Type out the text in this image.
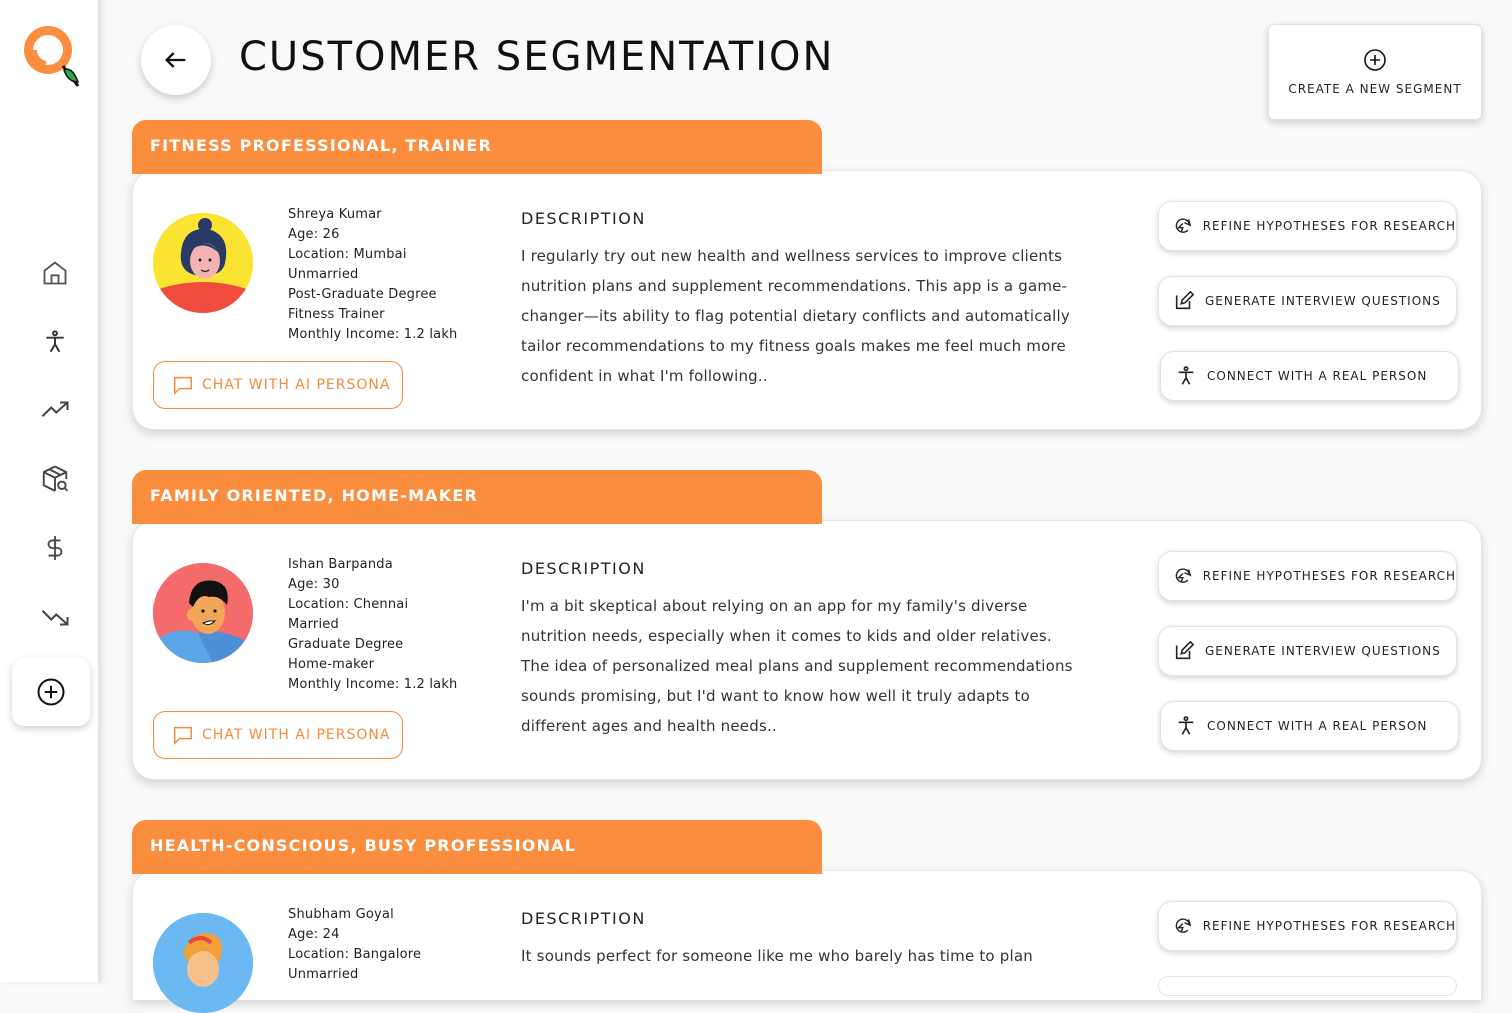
CUSTOMER SEGMENTATION
CREATE A NEW SEGMENT
Shreya Kumar
Age: 26
Location: Mumbai
Unmarried
Post-Graduate Degree
Fitness Trainer
Monthly Income: 1.2 lakh
CHAT WITH AI PERSONA
DESCRIPTION
I regularly try out new health and wellness services to improve clients nutrition plans and supplement recommendations. This app is a game-changer—its ability to flag potential dietary conflicts and automatically tailor recommendations to my fitness goals makes me feel much more confident in what I'm following..
REFINE HYPOTHESES FOR RESEARCH
GENERATE INTERVIEW QUESTIONS
CONNECT WITH A REAL PERSON
FITNESS PROFESSIONAL, TRAINER
Ishan Barpanda
Age: 30
Location: Chennai
Married
Graduate Degree
Home-maker
Monthly Income: 1.2 lakh
CHAT WITH AI PERSONA
DESCRIPTION
I'm a bit skeptical about relying on an app for my family's diverse nutrition needs, especially when it comes to kids and older relatives. The idea of personalized meal plans and supplement recommendations sounds promising, but I'd want to know how well it truly adapts to different ages and health needs..
REFINE HYPOTHESES FOR RESEARCH
GENERATE INTERVIEW QUESTIONS
CONNECT WITH A REAL PERSON
FAMILY ORIENTED, HOME-MAKER
Shubham Goyal
Age: 24
Location: Bangalore
Unmarried
DESCRIPTION
It sounds perfect for someone like me who barely has time to plan
REFINE HYPOTHESES FOR RESEARCH
HEALTH-CONSCIOUS, BUSY PROFESSIONAL
